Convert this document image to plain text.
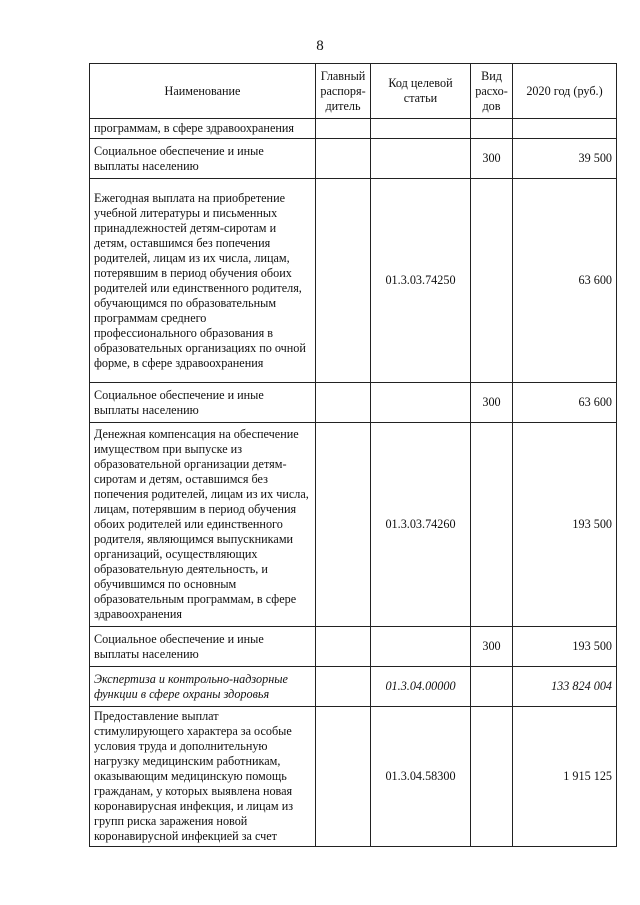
8
Наименование	Главный распоря-дитель	Код целевой статьи	Вид расхо-дов	2020 год (руб.)
программам, в сфере здравоохранения				
Социальное обеспечение и иные выплаты населению			300	39 500
Ежегодная выплата на приобретение учебной литературы и письменных принадлежностей детям-сиротам и детям, оставшимся без попечения родителей, лицам из их числа, лицам, потерявшим в период обучения обоих родителей или единственного родителя, обучающимся по образовательным программам среднего профессионального образования в образовательных организациях по очной форме, в сфере здравоохранения		01.3.03.74250		63 600
Социальное обеспечение и иные выплаты населению			300	63 600
Денежная компенсация на обеспечение имуществом при выпуске из образовательной организации детям-сиротам и детям, оставшимся без попечения родителей, лицам из их числа, лицам, потерявшим в период обучения обоих родителей или единственного родителя, являющимся выпускниками организаций, осуществляющих образовательную деятельность, и обучившимся по основным образовательным программам, в сфере здравоохранения		01.3.03.74260		193 500
Социальное обеспечение и иные выплаты населению			300	193 500
Экспертиза и контрольно-надзорные функции в сфере охраны здоровья		01.3.04.00000		133 824 004
Предоставление выплат стимулирующего характера за особые условия труда и дополнительную нагрузку медицинским работникам, оказывающим медицинскую помощь гражданам, у которых выявлена новая коронавирусная инфекция, и лицам из групп риска заражения новой коронавирусной инфекцией за счет		01.3.04.58300		1 915 125
